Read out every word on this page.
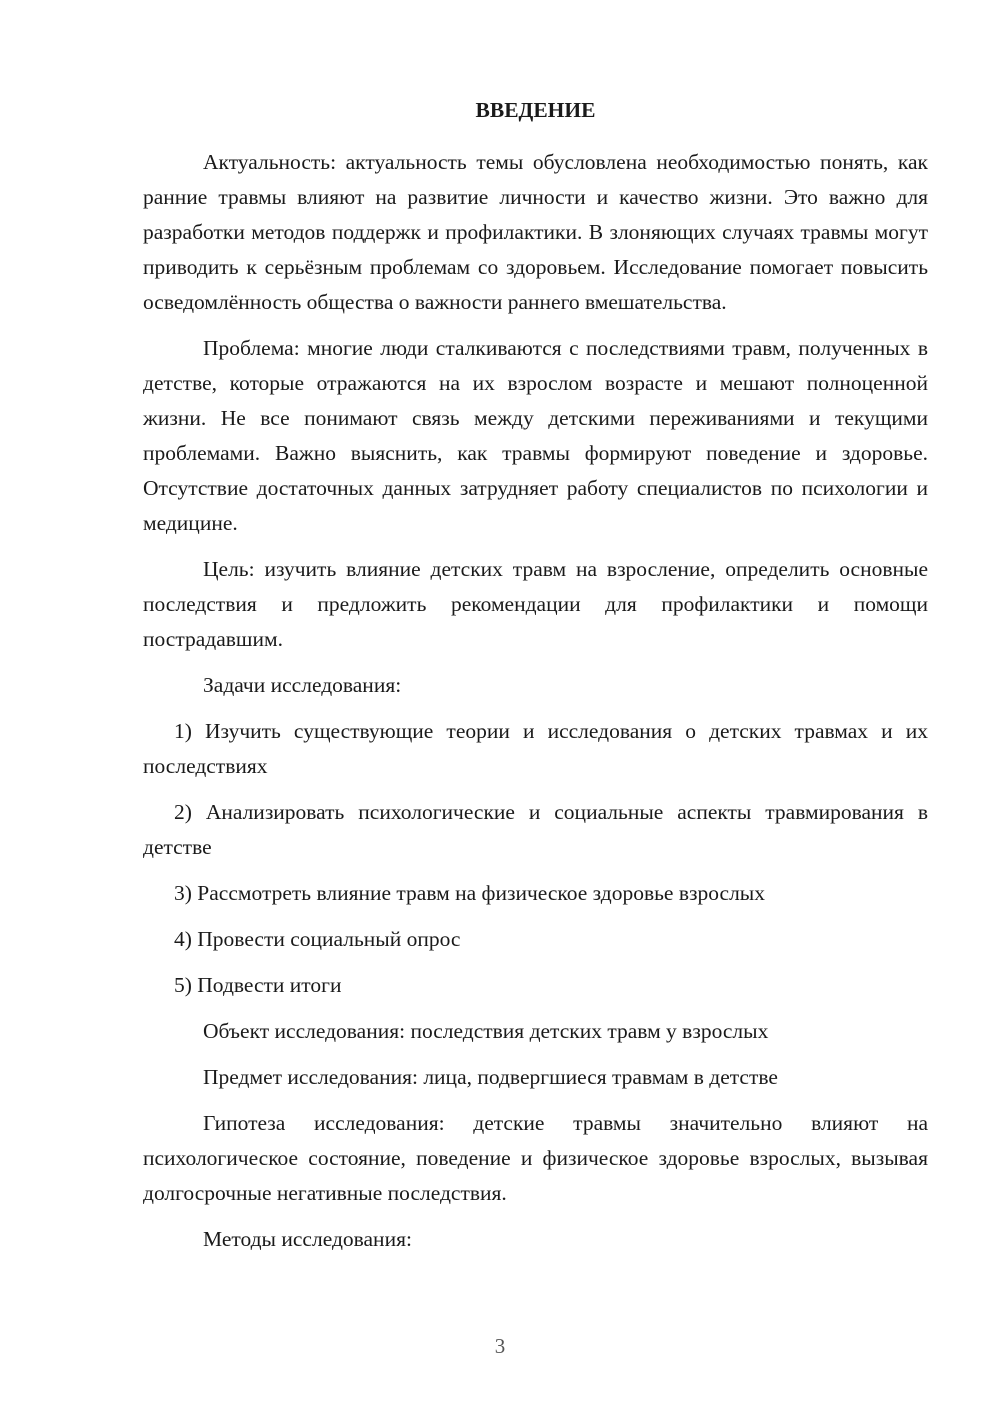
ВВЕДЕНИЕ
Актуальность: актуальность темы обусловлена необходимостью понять, как ранние травмы влияют на развитие личности и качество жизни. Это важно для разработки методов поддержк и профилактики. В злоняющих случаях травмы могут приводить к серьёзным проблемам со здоровьем. Исследование помогает повысить осведомлённость общества о важности раннего вмешательства.
Проблема: многие люди сталкиваются с последствиями травм, полученных в детстве, которые отражаются на их взрослом возрасте и мешают полноценной жизни. Не все понимают связь между детскими переживаниями и текущими проблемами. Важно выяснить, как травмы формируют поведение и здоровье. Отсутствие достаточных данных затрудняет работу специалистов по психологии и медицине.
Цель: изучить влияние детских травм на взросление, определить основные последствия и предложить рекомендации для профилактики и помощи пострадавшим.
Задачи исследования:
1) Изучить существующие теории и исследования о детских травмах и их последствиях
2) Анализировать психологические и социальные аспекты травмирования в детстве
3) Рассмотреть влияние травм на физическое здоровье взрослых
4) Провести социальный опрос
5) Подвести итоги
Объект исследования: последствия детских травм у взрослых
Предмет исследования: лица, подвергшиеся травмам в детстве
Гипотеза исследования: детские травмы значительно влияют на психологическое состояние, поведение и физическое здоровье взрослых, вызывая долгосрочные негативные последствия.
Методы исследования:
3
